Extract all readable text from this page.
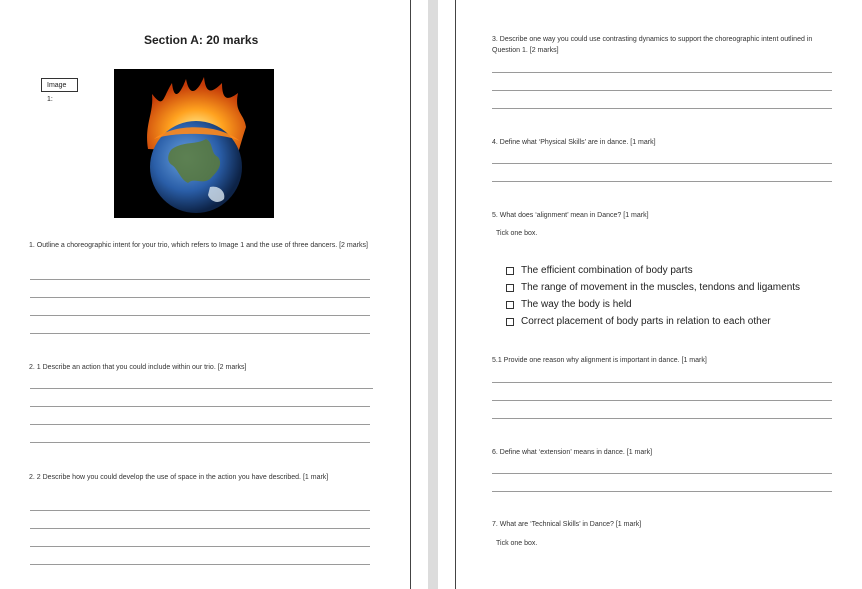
Section A: 20 marks
Image 1:
1. Outline a choreographic intent for your trio, which refers to Image 1 and the use of three dancers. [2 marks]
2. 1 Describe an action that you could include within our trio. [2 marks]
2. 2 Describe how you could develop the use of space in the action you have described. [1 mark]
3. Describe one way you could use contrasting dynamics to support the choreographic intent outlined in Question 1. [2 marks]
4. Define what ‘Physical Skills’ are in dance. [1 mark]
5. What does ‘alignment’ mean in Dance? [1 mark]
Tick one box.
The efficient combination of body parts
The range of movement in the muscles, tendons and ligaments
The way the body is held
Correct placement of body parts in relation to each other
5.1 Provide one reason why alignment is important in dance. [1 mark]
6. Define what ‘extension’ means in dance. [1 mark]
7. What are ‘Technical Skills’ in Dance? [1 mark]
Tick one box.
